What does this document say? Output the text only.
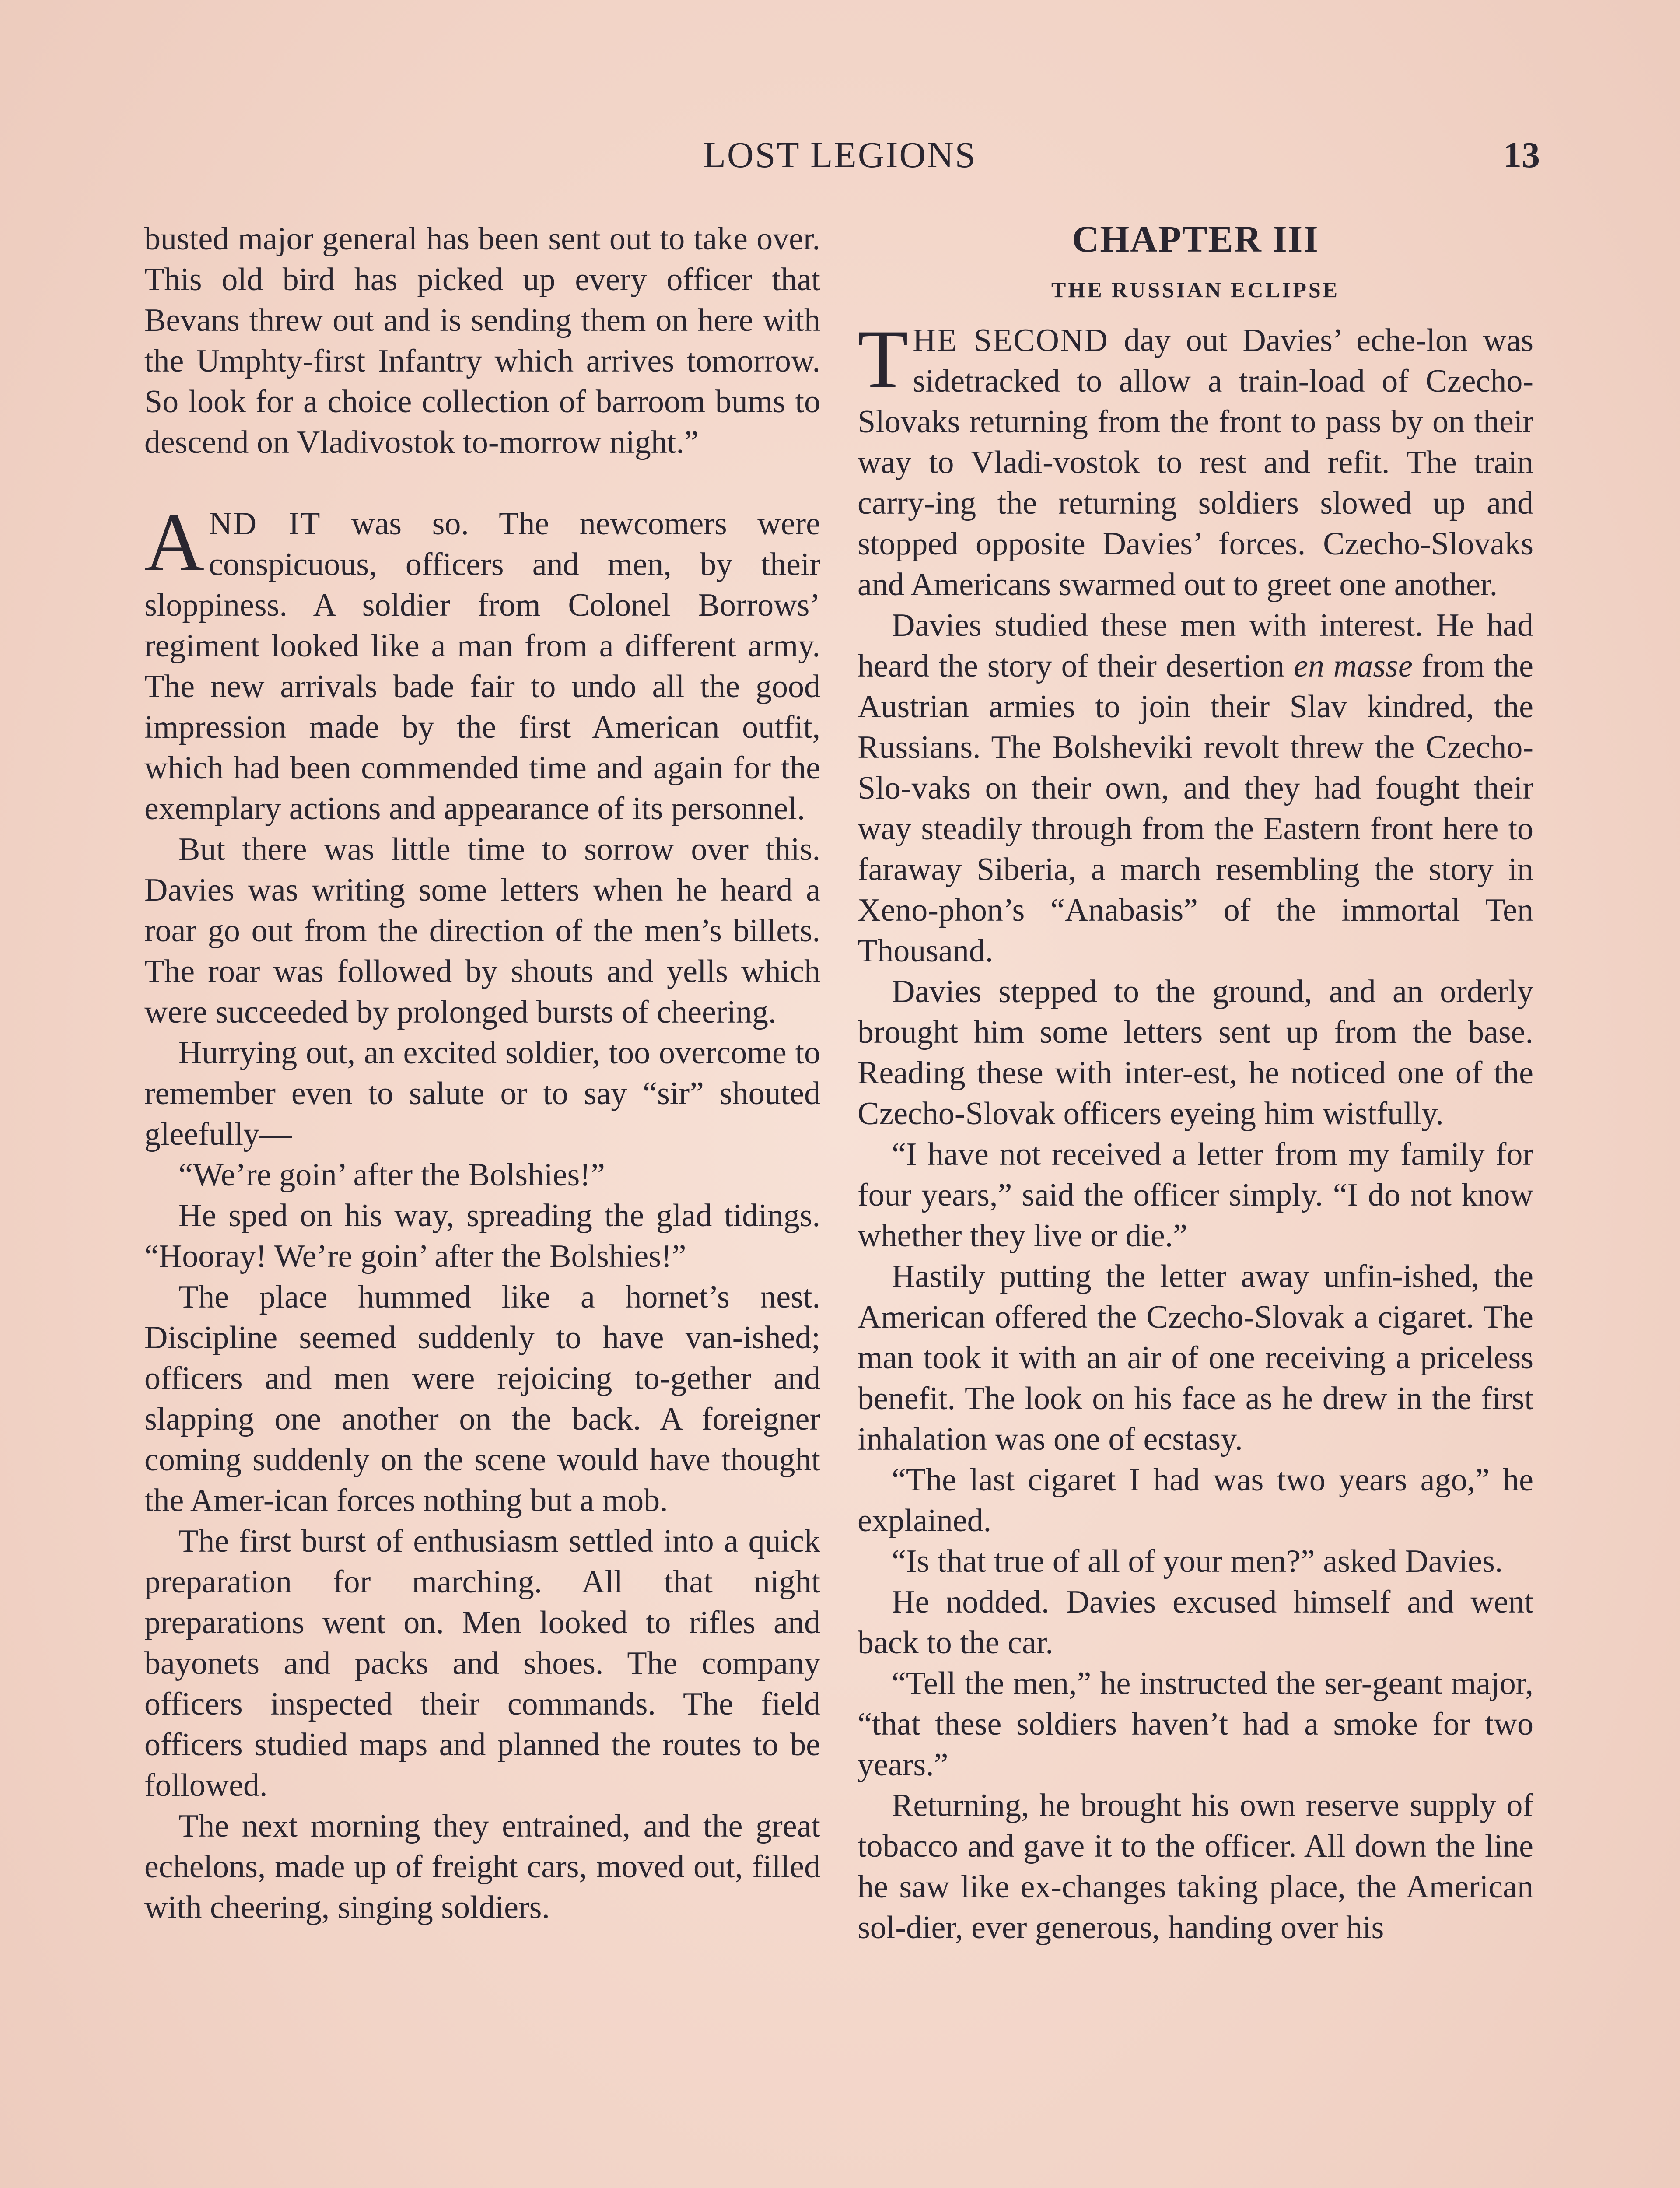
LOST LEGIONS	13

busted major general has been sent out to take over. This old bird has picked up every officer that Bevans threw out and is sending them on here with the Umphty-first Infantry which arrives tomorrow. So look for a choice collection of barroom bums to descend on Vladivostok to-morrow night.”

AND IT was so. The newcomers were conspicuous, officers and men, by their sloppiness. A soldier from Colonel Borrows’ regiment looked like a man from a different army. The new arrivals bade fair to undo all the good impression made by the first American outfit, which had been commended time and again for the exemplary actions and appearance of its personnel.

But there was little time to sorrow over this. Davies was writing some letters when he heard a roar go out from the direction of the men’s billets. The roar was followed by shouts and yells which were succeeded by prolonged bursts of cheering.

Hurrying out, an excited soldier, too overcome to remember even to salute or to say “sir” shouted gleefully—

“We’re goin’ after the Bolshies!”

He sped on his way, spreading the glad tidings. “Hooray! We’re goin’ after the Bolshies!”

The place hummed like a hornet’s nest. Discipline seemed suddenly to have van-ished; officers and men were rejoicing to-gether and slapping one another on the back. A foreigner coming suddenly on the scene would have thought the Amer-ican forces nothing but a mob.

The first burst of enthusiasm settled into a quick preparation for marching. All that night preparations went on. Men looked to rifles and bayonets and packs and shoes. The company officers inspected their commands. The field officers studied maps and planned the routes to be followed.

The next morning they entrained, and the great echelons, made up of freight cars, moved out, filled with cheering, singing soldiers.

CHAPTER III
THE RUSSIAN ECLIPSE

THE SECOND day out Davies’ eche-lon was sidetracked to allow a train-load of Czecho-Slovaks returning from the front to pass by on their way to Vladi-vostok to rest and refit. The train carry-ing the returning soldiers slowed up and stopped opposite Davies’ forces. Czecho-Slovaks and Americans swarmed out to greet one another.

Davies studied these men with interest. He had heard the story of their desertion en masse from the Austrian armies to join their Slav kindred, the Russians. The Bolsheviki revolt threw the Czecho-Slo-vaks on their own, and they had fought their way steadily through from the Eastern front here to faraway Siberia, a march resembling the story in Xeno-phon’s “Anabasis” of the immortal Ten Thousand.

Davies stepped to the ground, and an orderly brought him some letters sent up from the base. Reading these with inter-est, he noticed one of the Czecho-Slovak officers eyeing him wistfully.

“I have not received a letter from my family for four years,” said the officer simply. “I do not know whether they live or die.”

Hastily putting the letter away unfin-ished, the American offered the Czecho-Slovak a cigaret. The man took it with an air of one receiving a priceless benefit. The look on his face as he drew in the first inhalation was one of ecstasy.

“The last cigaret I had was two years ago,” he explained.

“Is that true of all of your men?” asked Davies.

He nodded. Davies excused himself and went back to the car.

“Tell the men,” he instructed the ser-geant major, “that these soldiers haven’t had a smoke for two years.”

Returning, he brought his own reserve supply of tobacco and gave it to the officer. All down the line he saw like ex-changes taking place, the American sol-dier, ever generous, handing over his
